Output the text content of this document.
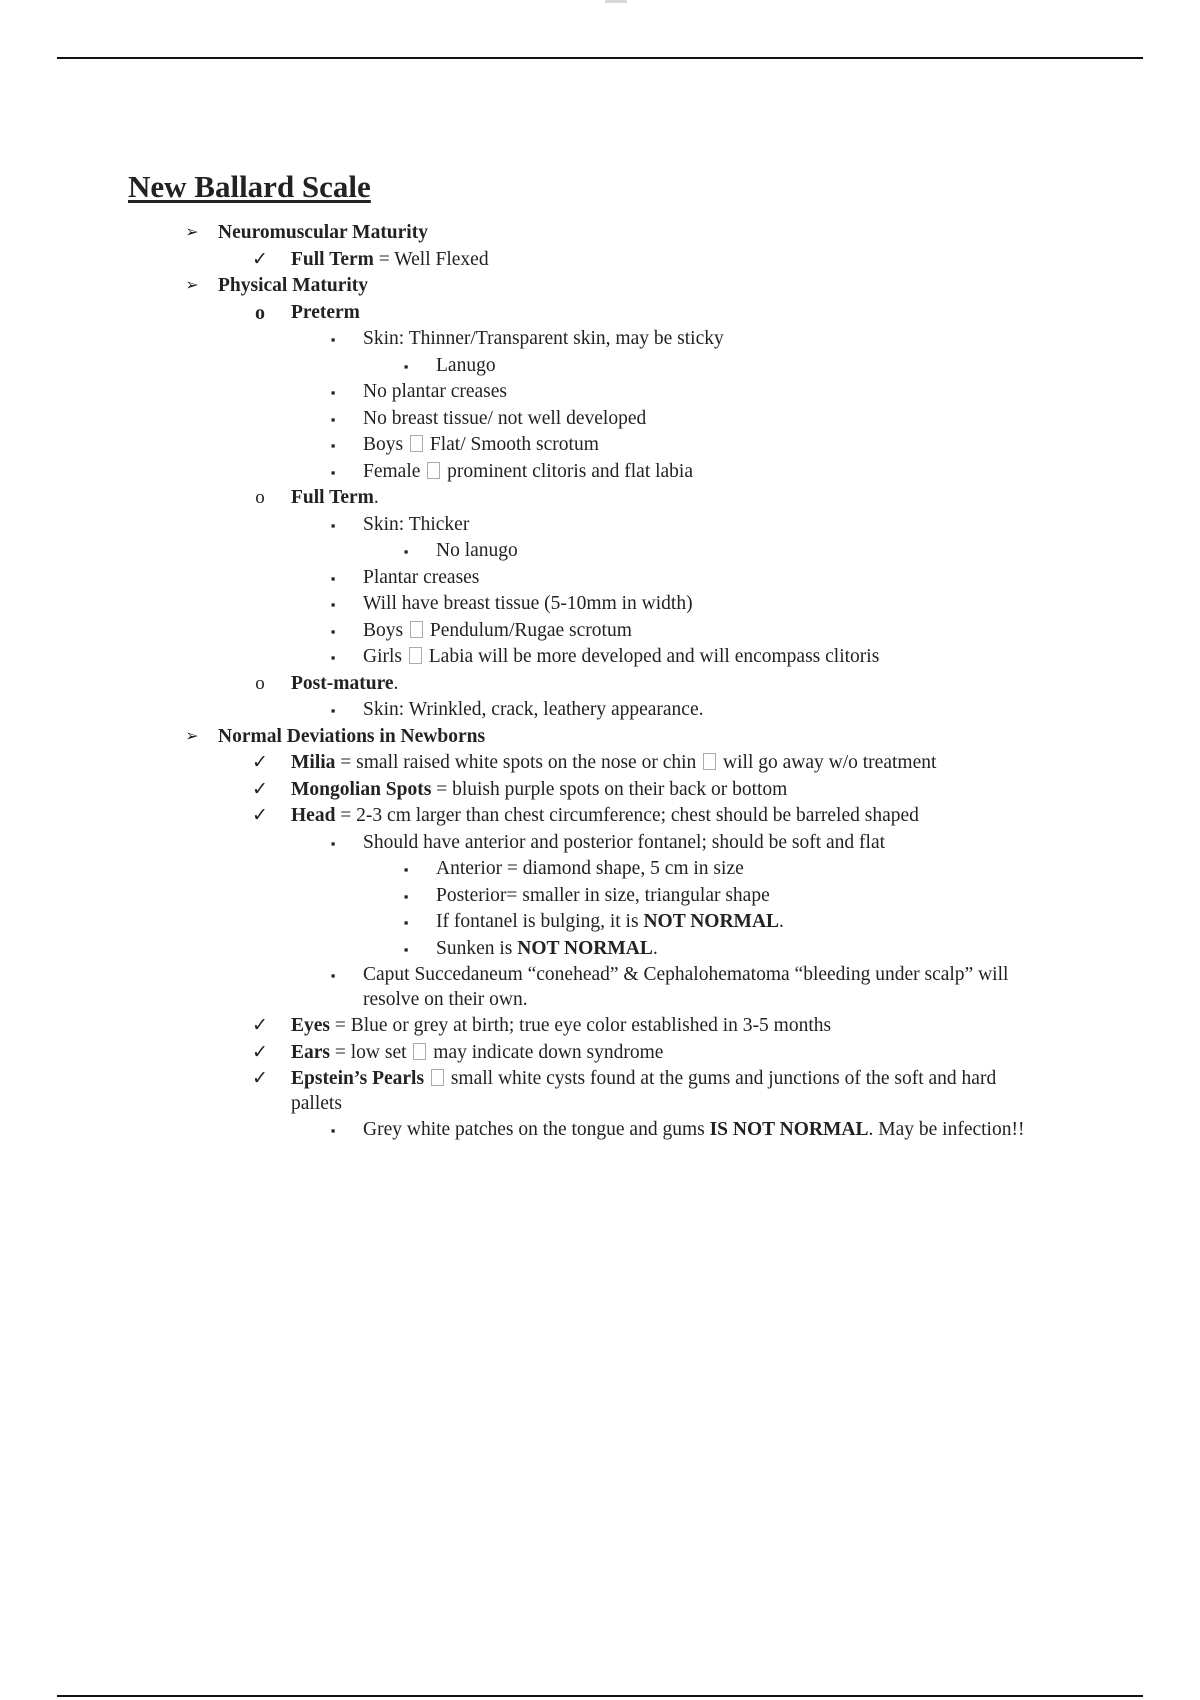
New Ballard Scale
➢ Neuromuscular Maturity
✓ Full Term = Well Flexed
➢ Physical Maturity
o Preterm
▪	Skin: Thinner/Transparent skin, may be sticky
▪	Lanugo
▪	No plantar creases
▪	No breast tissue/ not well developed
▪	Boys  Flat/ Smooth scrotum
▪	Female  prominent clitoris and flat labia
o Full Term.
▪	Skin: Thicker
▪	No lanugo
▪	Plantar creases
▪	Will have breast tissue (5-10mm in width)
▪	Boys  Pendulum/Rugae scrotum
▪	Girls  Labia will be more developed and will encompass clitoris
o Post-mature.
▪	Skin: Wrinkled, crack, leathery appearance.
➢ Normal Deviations in Newborns
✓ Milia = small raised white spots on the nose or chin  will go away w/o treatment
✓ Mongolian Spots = bluish purple spots on their back or bottom
✓ Head = 2-3 cm larger than chest circumference; chest should be barreled shaped
▪	Should have anterior and posterior fontanel; should be soft and flat
▪	Anterior = diamond shape, 5 cm in size
▪	Posterior= smaller in size, triangular shape
▪	If fontanel is bulging, it is NOT NORMAL.
▪	Sunken is NOT NORMAL.
▪	Caput Succedaneum “conehead” & Cephalohematoma “bleeding under scalp” will resolve on their own.
✓ Eyes = Blue or grey at birth; true eye color established in 3-5 months
✓ Ears = low set  may indicate down syndrome
✓ Epstein’s Pearls  small white cysts found at the gums and junctions of the soft and hard pallets
▪	Grey white patches on the tongue and gums IS NOT NORMAL. May be infection!!
